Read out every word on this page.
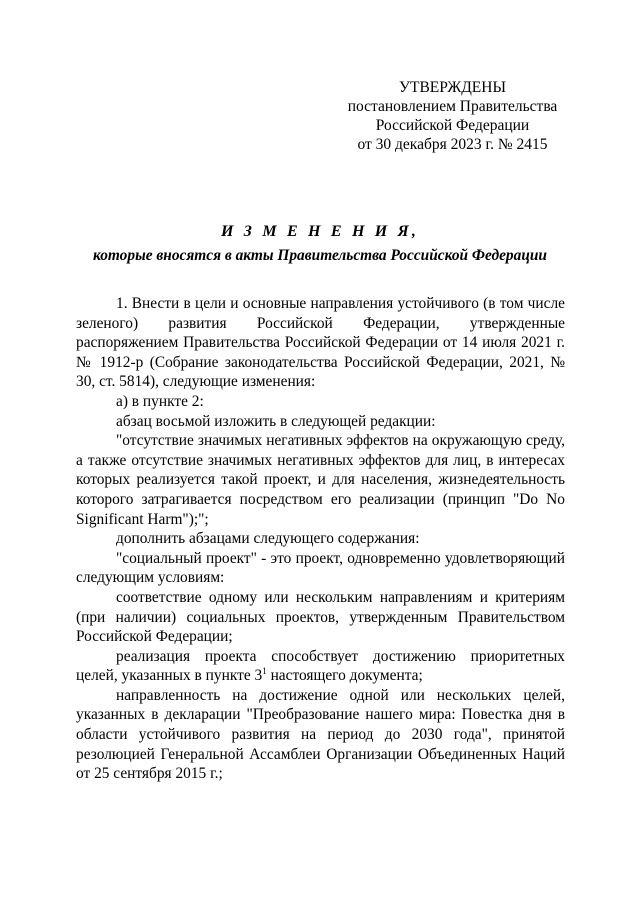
УТВЕРЖДЕНЫ
постановлением Правительства
Российской Федерации
от 30 декабря 2023 г. № 2415
И З М Е Н Е Н И Я,
которые вносятся в акты Правительства Российской Федерации

1. Внести в цели и основные направления устойчивого (в том числе зеленого) развития Российской Федерации, утвержденные распоряжением Правительства Российской Федерации от 14 июля 2021 г. № 1912-р (Собрание законодательства Российской Федерации, 2021, № 30, ст. 5814), следующие изменения:

а) в пункте 2:

абзац восьмой изложить в следующей редакции:

"отсутствие значимых негативных эффектов на окружающую среду, а также отсутствие значимых негативных эффектов для лиц, в интересах которых реализуется такой проект, и для населения, жизнедеятельность которого затрагивается посредством его реализации (принцип "Do No Significant Harm");";

дополнить абзацами следующего содержания:

"социальный проект" - это проект, одновременно удовлетворяющий следующим условиям:

соответствие одному или нескольким направлениям и критериям (при наличии) социальных проектов, утвержденным Правительством Российской Федерации;

реализация проекта способствует достижению приоритетных целей, указанных в пункте $3^1$ настоящего документа;

направленность на достижение одной или нескольких целей, указанных в декларации "Преобразование нашего мира: Повестка дня в области устойчивого развития на период до 2030 года", принятой резолюцией Генеральной Ассамблеи Организации Объединенных Наций от 25 сентября 2015 г.;
